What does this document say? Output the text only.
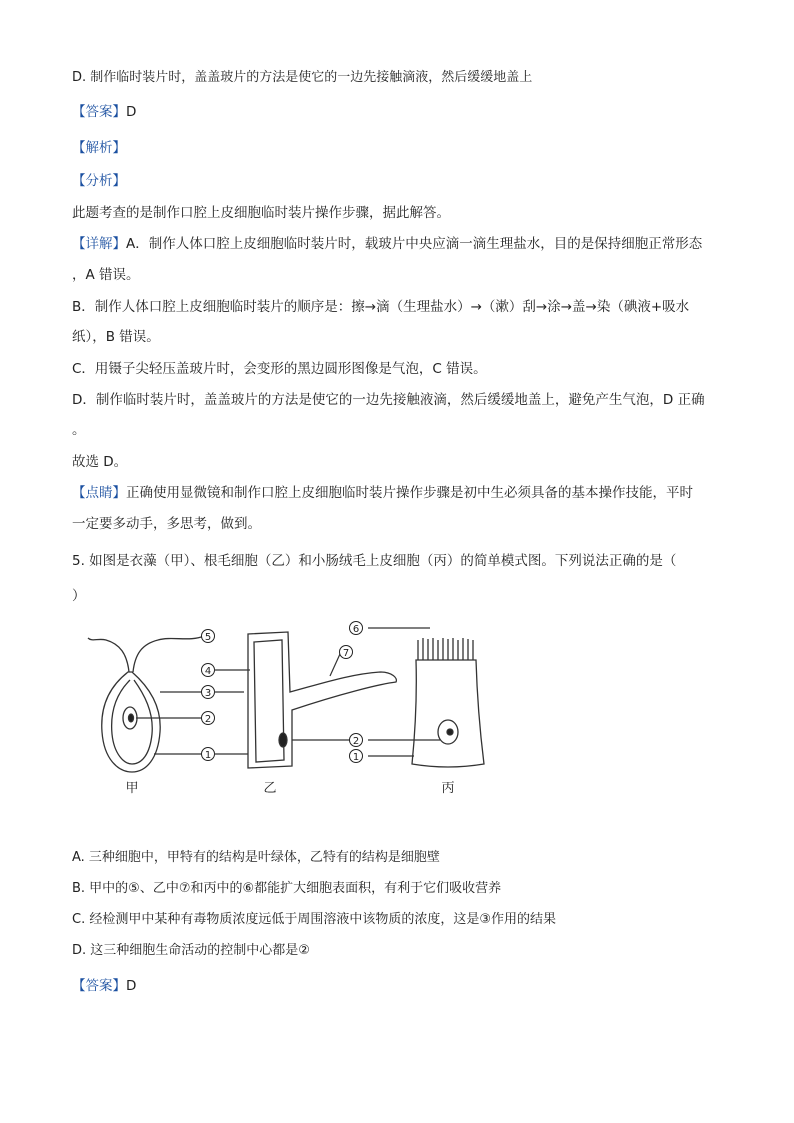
D. 制作临时装片时，盖盖玻片的方法是使它的一边先接触滴液，然后缓缓地盖上
【答案】D
【解析】
【分析】
此题考查的是制作口腔上皮细胞临时装片操作步骤，据此解答。
【详解】A．制作人体口腔上皮细胞临时装片时，载玻片中央应滴一滴生理盐水，目的是保持细胞正常形态
，A 错误。
B．制作人体口腔上皮细胞临时装片的顺序是：擦→滴（生理盐水）→（漱）刮→涂→盖→染（碘液+吸水
纸），B 错误。
C．用镊子尖轻压盖玻片时，会变形的黑边圆形图像是气泡，C 错误。
D．制作临时装片时，盖盖玻片的方法是使它的一边先接触液滴，然后缓缓地盖上，避免产生气泡，D 正确
。
故选 D。
【点睛】正确使用显微镜和制作口腔上皮细胞临时装片操作步骤是初中生必须具备的基本操作技能，平时
一定要多动手，多思考，做到。
5. 如图是衣藻（甲）、根毛细胞（乙）和小肠绒毛上皮细胞（丙）的简单模式图。下列说法正确的是（
）
5
4
3
2
1
6
7
2
1
甲	乙	丙
A. 三种细胞中，甲特有的结构是叶绿体，乙特有的结构是细胞壁
B. 甲中的⑤、乙中⑦和丙中的⑥都能扩大细胞表面积，有利于它们吸收营养
C. 经检测甲中某种有毒物质浓度远低于周围溶液中该物质的浓度，这是③作用的结果
D. 这三种细胞生命活动的控制中心都是②
【答案】D
